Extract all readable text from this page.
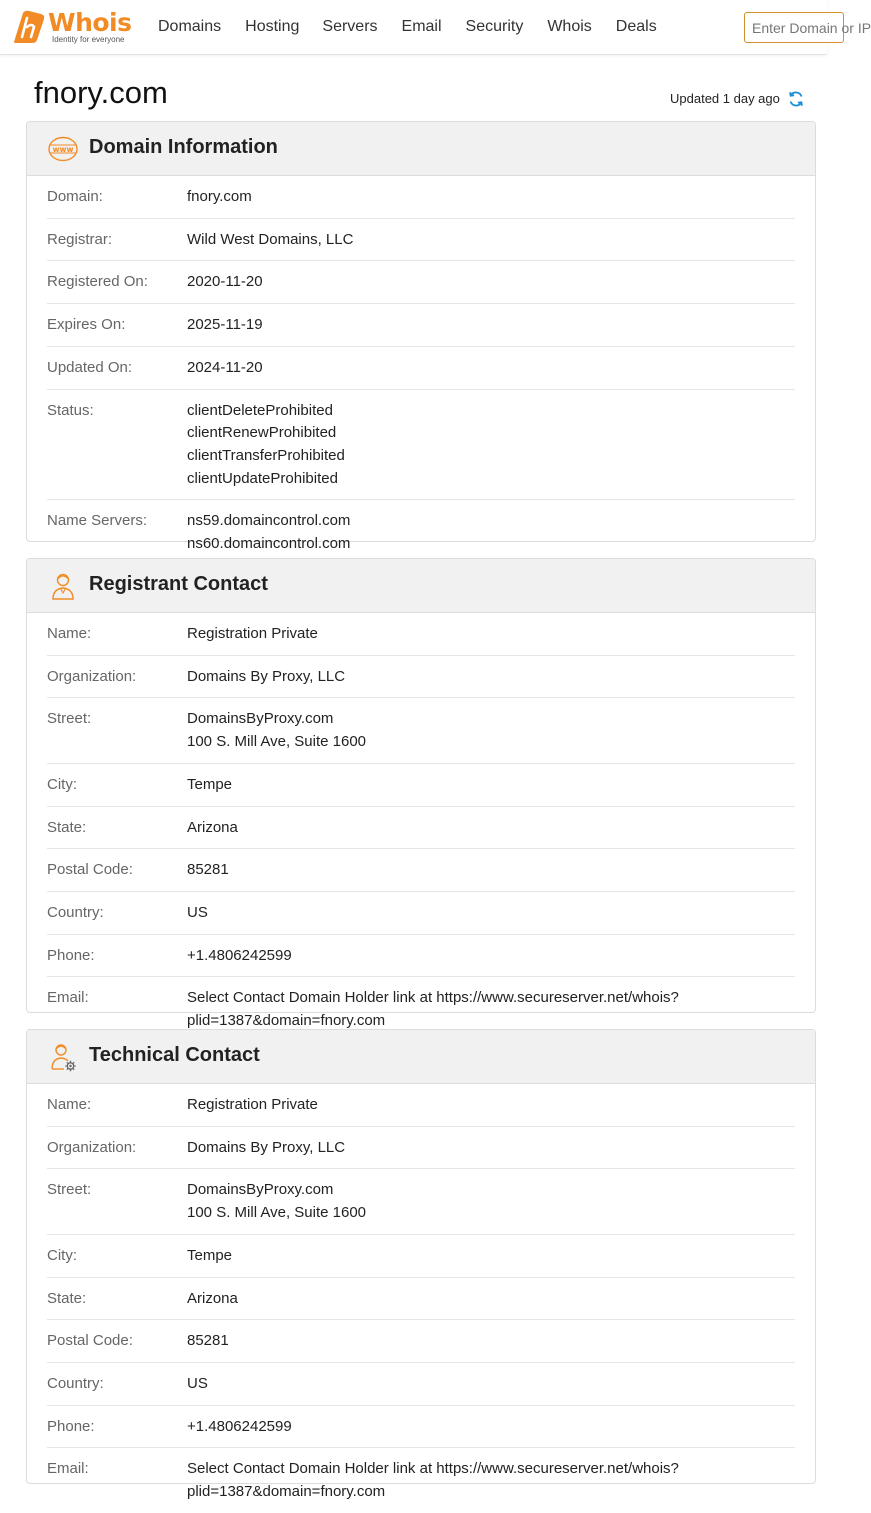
Whois
Identity for everyone
Domains Hosting Servers Email Security Whois Deals	Enter Domain or IP
fnory.com	Updated 1 day ago
www Domain Information
Domain:	fnory.com
Registrar:	Wild West Domains, LLC
Registered On:	2020-11-20
Expires On:	2025-11-19
Updated On:	2024-11-20
Status:	clientDeleteProhibited
clientRenewProhibited
clientTransferProhibited
clientUpdateProhibited
Name Servers:	ns59.domaincontrol.com
ns60.domaincontrol.com
Registrant Contact
Name:	Registration Private
Organization:	Domains By Proxy, LLC
Street:	DomainsByProxy.com
100 S. Mill Ave, Suite 1600
City:	Tempe
State:	Arizona
Postal Code:	85281
Country:	US
Phone:	+1.4806242599
Email:	Select Contact Domain Holder link at https://www.secureserver.net/whois?
plid=1387&domain=fnory.com
Technical Contact
Name:	Registration Private
Organization:	Domains By Proxy, LLC
Street:	DomainsByProxy.com
100 S. Mill Ave, Suite 1600
City:	Tempe
State:	Arizona
Postal Code:	85281
Country:	US
Phone:	+1.4806242599
Email:	Select Contact Domain Holder link at https://www.secureserver.net/whois?
plid=1387&domain=fnory.com
